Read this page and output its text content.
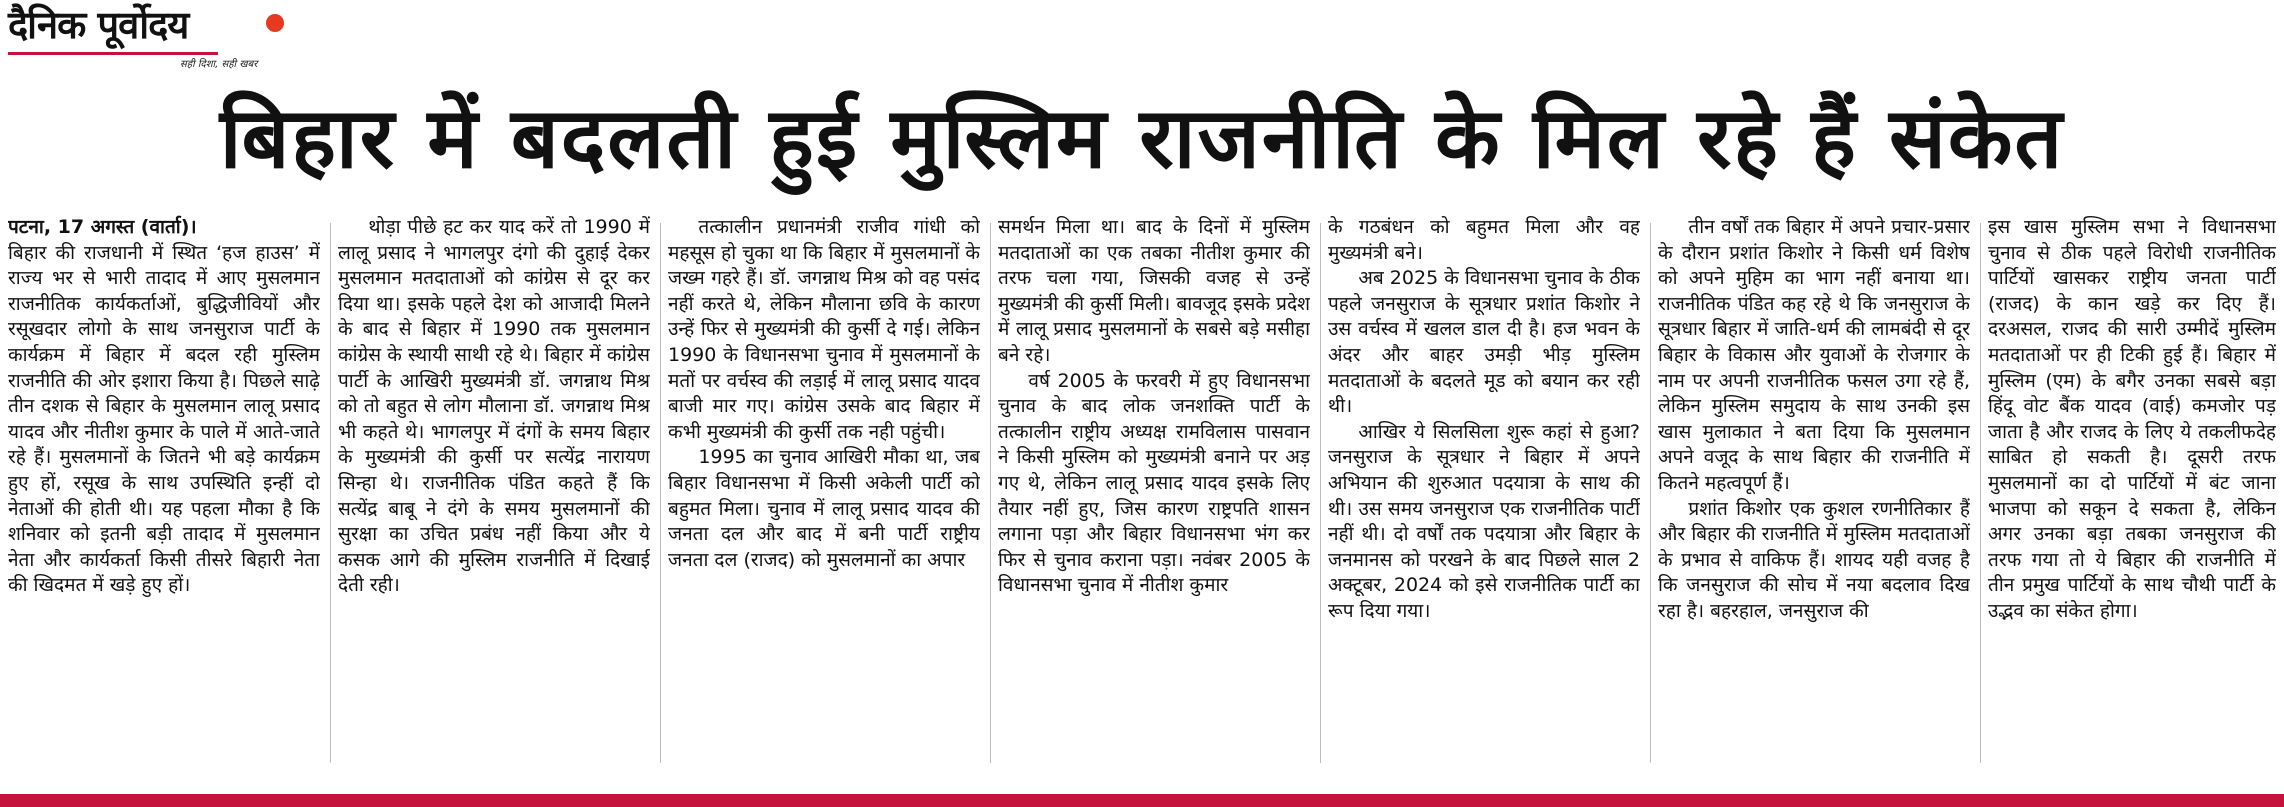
दैनिक पूर्वोदय
सही दिशा, सही खबर
बिहार में बदलती हुई मुस्लिम राजनीति के मिल रहे हैं संकेत

पटना, 17 अगस्त (वार्ता)।
बिहार की राजधानी में स्थित ‘हज हाउस’ में राज्य भर से भारी तादाद में आए मुसलमान राजनीतिक कार्यकर्ताओं, बुद्धिजीवियों और रसूखदार लोगो के साथ जनसुराज पार्टी के कार्यक्रम में बिहार में बदल रही मुस्लिम राजनीति की ओर इशारा किया है। पिछले साढ़े तीन दशक से बिहार के मुसलमान लालू प्रसाद यादव और नीतीश कुमार के पाले में आते-जाते रहे हैं। मुसलमानों के जितने भी बड़े कार्यक्रम हुए हों, रसूख के साथ उपस्थिति इन्हीं दो नेताओं की होती थी। यह पहला मौका है कि शनिवार को इतनी बड़ी तादाद में मुसलमान नेता और कार्यकर्ता किसी तीसरे बिहारी नेता की खिदमत में खड़े हुए हों।

थोड़ा पीछे हट कर याद करें तो 1990 में लालू प्रसाद ने भागलपुर दंगो की दुहाई देकर मुसलमान मतदाताओं को कांग्रेस से दूर कर दिया था। इसके पहले देश को आजादी मिलने के बाद से बिहार में 1990 तक मुसलमान कांग्रेस के स्थायी साथी रहे थे। बिहार में कांग्रेस पार्टी के आखिरी मुख्यमंत्री डॉ. जगन्नाथ मिश्र को तो बहुत से लोग मौलाना डॉ. जगन्नाथ मिश्र भी कहते थे। भागलपुर में दंगों के समय बिहार के मुख्यमंत्री की कुर्सी पर सत्येंद्र नारायण सिन्हा थे। राजनीतिक पंडित कहते हैं कि सत्येंद्र बाबू ने दंगे के समय मुसलमानों की सुरक्षा का उचित प्रबंध नहीं किया और ये कसक आगे की मुस्लिम राजनीति में दिखाई देती रही।

तत्कालीन प्रधानमंत्री राजीव गांधी को महसूस हो चुका था कि बिहार में मुसलमानों के जख्म गहरे हैं। डॉ. जगन्नाथ मिश्र को वह पसंद नहीं करते थे, लेकिन मौलाना छवि के कारण उन्हें फिर से मुख्यमंत्री की कुर्सी दे गई। लेकिन 1990 के विधानसभा चुनाव में मुसलमानों के मतों पर वर्चस्व की लड़ाई में लालू प्रसाद यादव बाजी मार गए। कांग्रेस उसके बाद बिहार में कभी मुख्यमंत्री की कुर्सी तक नही पहुंची।

1995 का चुनाव आखिरी मौका था, जब बिहार विधानसभा में किसी अकेली पार्टी को बहुमत मिला। चुनाव में लालू प्रसाद यादव की जनता दल और बाद में बनी पार्टी राष्ट्रीय जनता दल (राजद) को मुसलमानों का अपार

समर्थन मिला था। बाद के दिनों में मुस्लिम मतदाताओं का एक तबका नीतीश कुमार की तरफ चला गया, जिसकी वजह से उन्हें मुख्यमंत्री की कुर्सी मिली। बावजूद इसके प्रदेश में लालू प्रसाद मुसलमानों के सबसे बड़े मसीहा बने रहे।

वर्ष 2005 के फरवरी में हुए विधानसभा चुनाव के बाद लोक जनशक्ति पार्टी के तत्कालीन राष्ट्रीय अध्यक्ष रामविलास पासवान ने किसी मुस्लिम को मुख्यमंत्री बनाने पर अड़ गए थे, लेकिन लालू प्रसाद यादव इसके लिए तैयार नहीं हुए, जिस कारण राष्ट्रपति शासन लगाना पड़ा और बिहार विधानसभा भंग कर फिर से चुनाव कराना पड़ा। नवंबर 2005 के विधानसभा चुनाव में नीतीश कुमार

के गठबंधन को बहुमत मिला और वह मुख्यमंत्री बने।

अब 2025 के विधानसभा चुनाव के ठीक पहले जनसुराज के सूत्रधार प्रशांत किशोर ने उस वर्चस्व में खलल डाल दी है। हज भवन के अंदर और बाहर उमड़ी भीड़ मुस्लिम मतदाताओं के बदलते मूड को बयान कर रही थी।

आखिर ये सिलसिला शुरू कहां से हुआ? जनसुराज के सूत्रधार ने बिहार में अपने अभियान की शुरुआत पदयात्रा के साथ की थी। उस समय जनसुराज एक राजनीतिक पार्टी नहीं थी। दो वर्षों तक पदयात्रा और बिहार के जनमानस को परखने के बाद पिछले साल 2 अक्टूबर, 2024 को इसे राजनीतिक पार्टी का रूप दिया गया।

तीन वर्षों तक बिहार में अपने प्रचार-प्रसार के दौरान प्रशांत किशोर ने किसी धर्म विशेष को अपने मुहिम का भाग नहीं बनाया था। राजनीतिक पंडित कह रहे थे कि जनसुराज के सूत्रधार बिहार में जाति-धर्म की लामबंदी से दूर बिहार के विकास और युवाओं के रोजगार के नाम पर अपनी राजनीतिक फसल उगा रहे हैं, लेकिन मुस्लिम समुदाय के साथ उनकी इस खास मुलाकात ने बता दिया कि मुसलमान अपने वजूद के साथ बिहार की राजनीति में कितने महत्वपूर्ण हैं।

प्रशांत किशोर एक कुशल रणनीतिकार हैं और बिहार की राजनीति में मुस्लिम मतदाताओं के प्रभाव से वाकिफ हैं। शायद यही वजह है कि जनसुराज की सोच में नया बदलाव दिख रहा है। बहरहाल, जनसुराज की

इस खास मुस्लिम सभा ने विधानसभा चुनाव से ठीक पहले विरोधी राजनीतिक पार्टियों खासकर राष्ट्रीय जनता पार्टी (राजद) के कान खड़े कर दिए हैं। दरअसल, राजद की सारी उम्मीदें मुस्लिम मतदाताओं पर ही टिकी हुई हैं। बिहार में मुस्लिम (एम) के बगैर उनका सबसे बड़ा हिंदू वोट बैंक यादव (वाई) कमजोर पड़ जाता है और राजद के लिए ये तकलीफदेह साबित हो सकती है। दूसरी तरफ मुसलमानों का दो पार्टियों में बंट जाना भाजपा को सकून दे सकता है, लेकिन अगर उनका बड़ा तबका जनसुराज की तरफ गया तो ये बिहार की राजनीति में तीन प्रमुख पार्टियों के साथ चौथी पार्टी के उद्भव का संकेत होगा।
